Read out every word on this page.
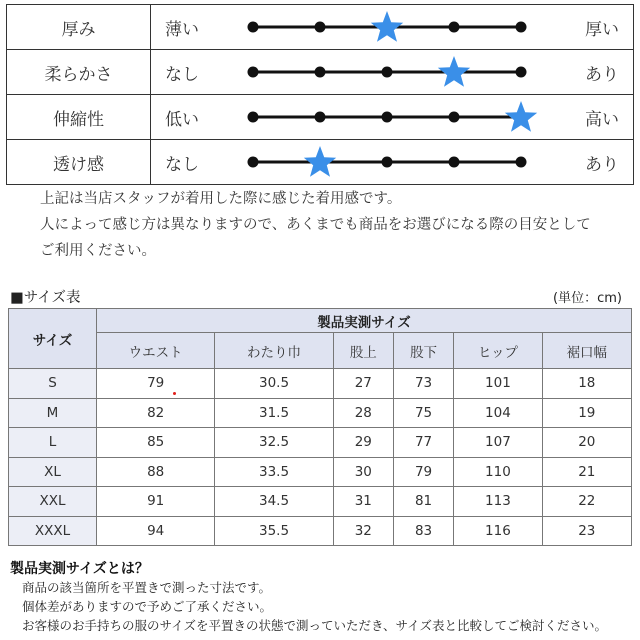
厚み	薄い 厚い

柔らかさ	なし あり

伸縮性	低い 高い

透け感	なし あり
上記は当店スタッフが着用した際に感じた着用感です。
人によって感じ方は異なりますので、あくまでも商品をお選びになる際の目安として
ご利用ください。
■サイズ表	(単位：cm)
サイズ	製品実測サイズ					
	ウエスト	わたり巾	股上	股下	ヒップ	裾口幅
S	79	30.5	27	73	101	18
M	82	31.5	28	75	104	19
L	85	32.5	29	77	107	20
XL	88	33.5	30	79	110	21
XXL	91	34.5	31	81	113	22
XXXL	94	35.5	32	83	116	23
製品実測サイズとは？
商品の該当箇所を平置きで測った寸法です。
個体差がありますので予めご了承ください。
お客様のお手持ちの服のサイズを平置きの状態で測っていただき、サイズ表と比較してご検討ください。
